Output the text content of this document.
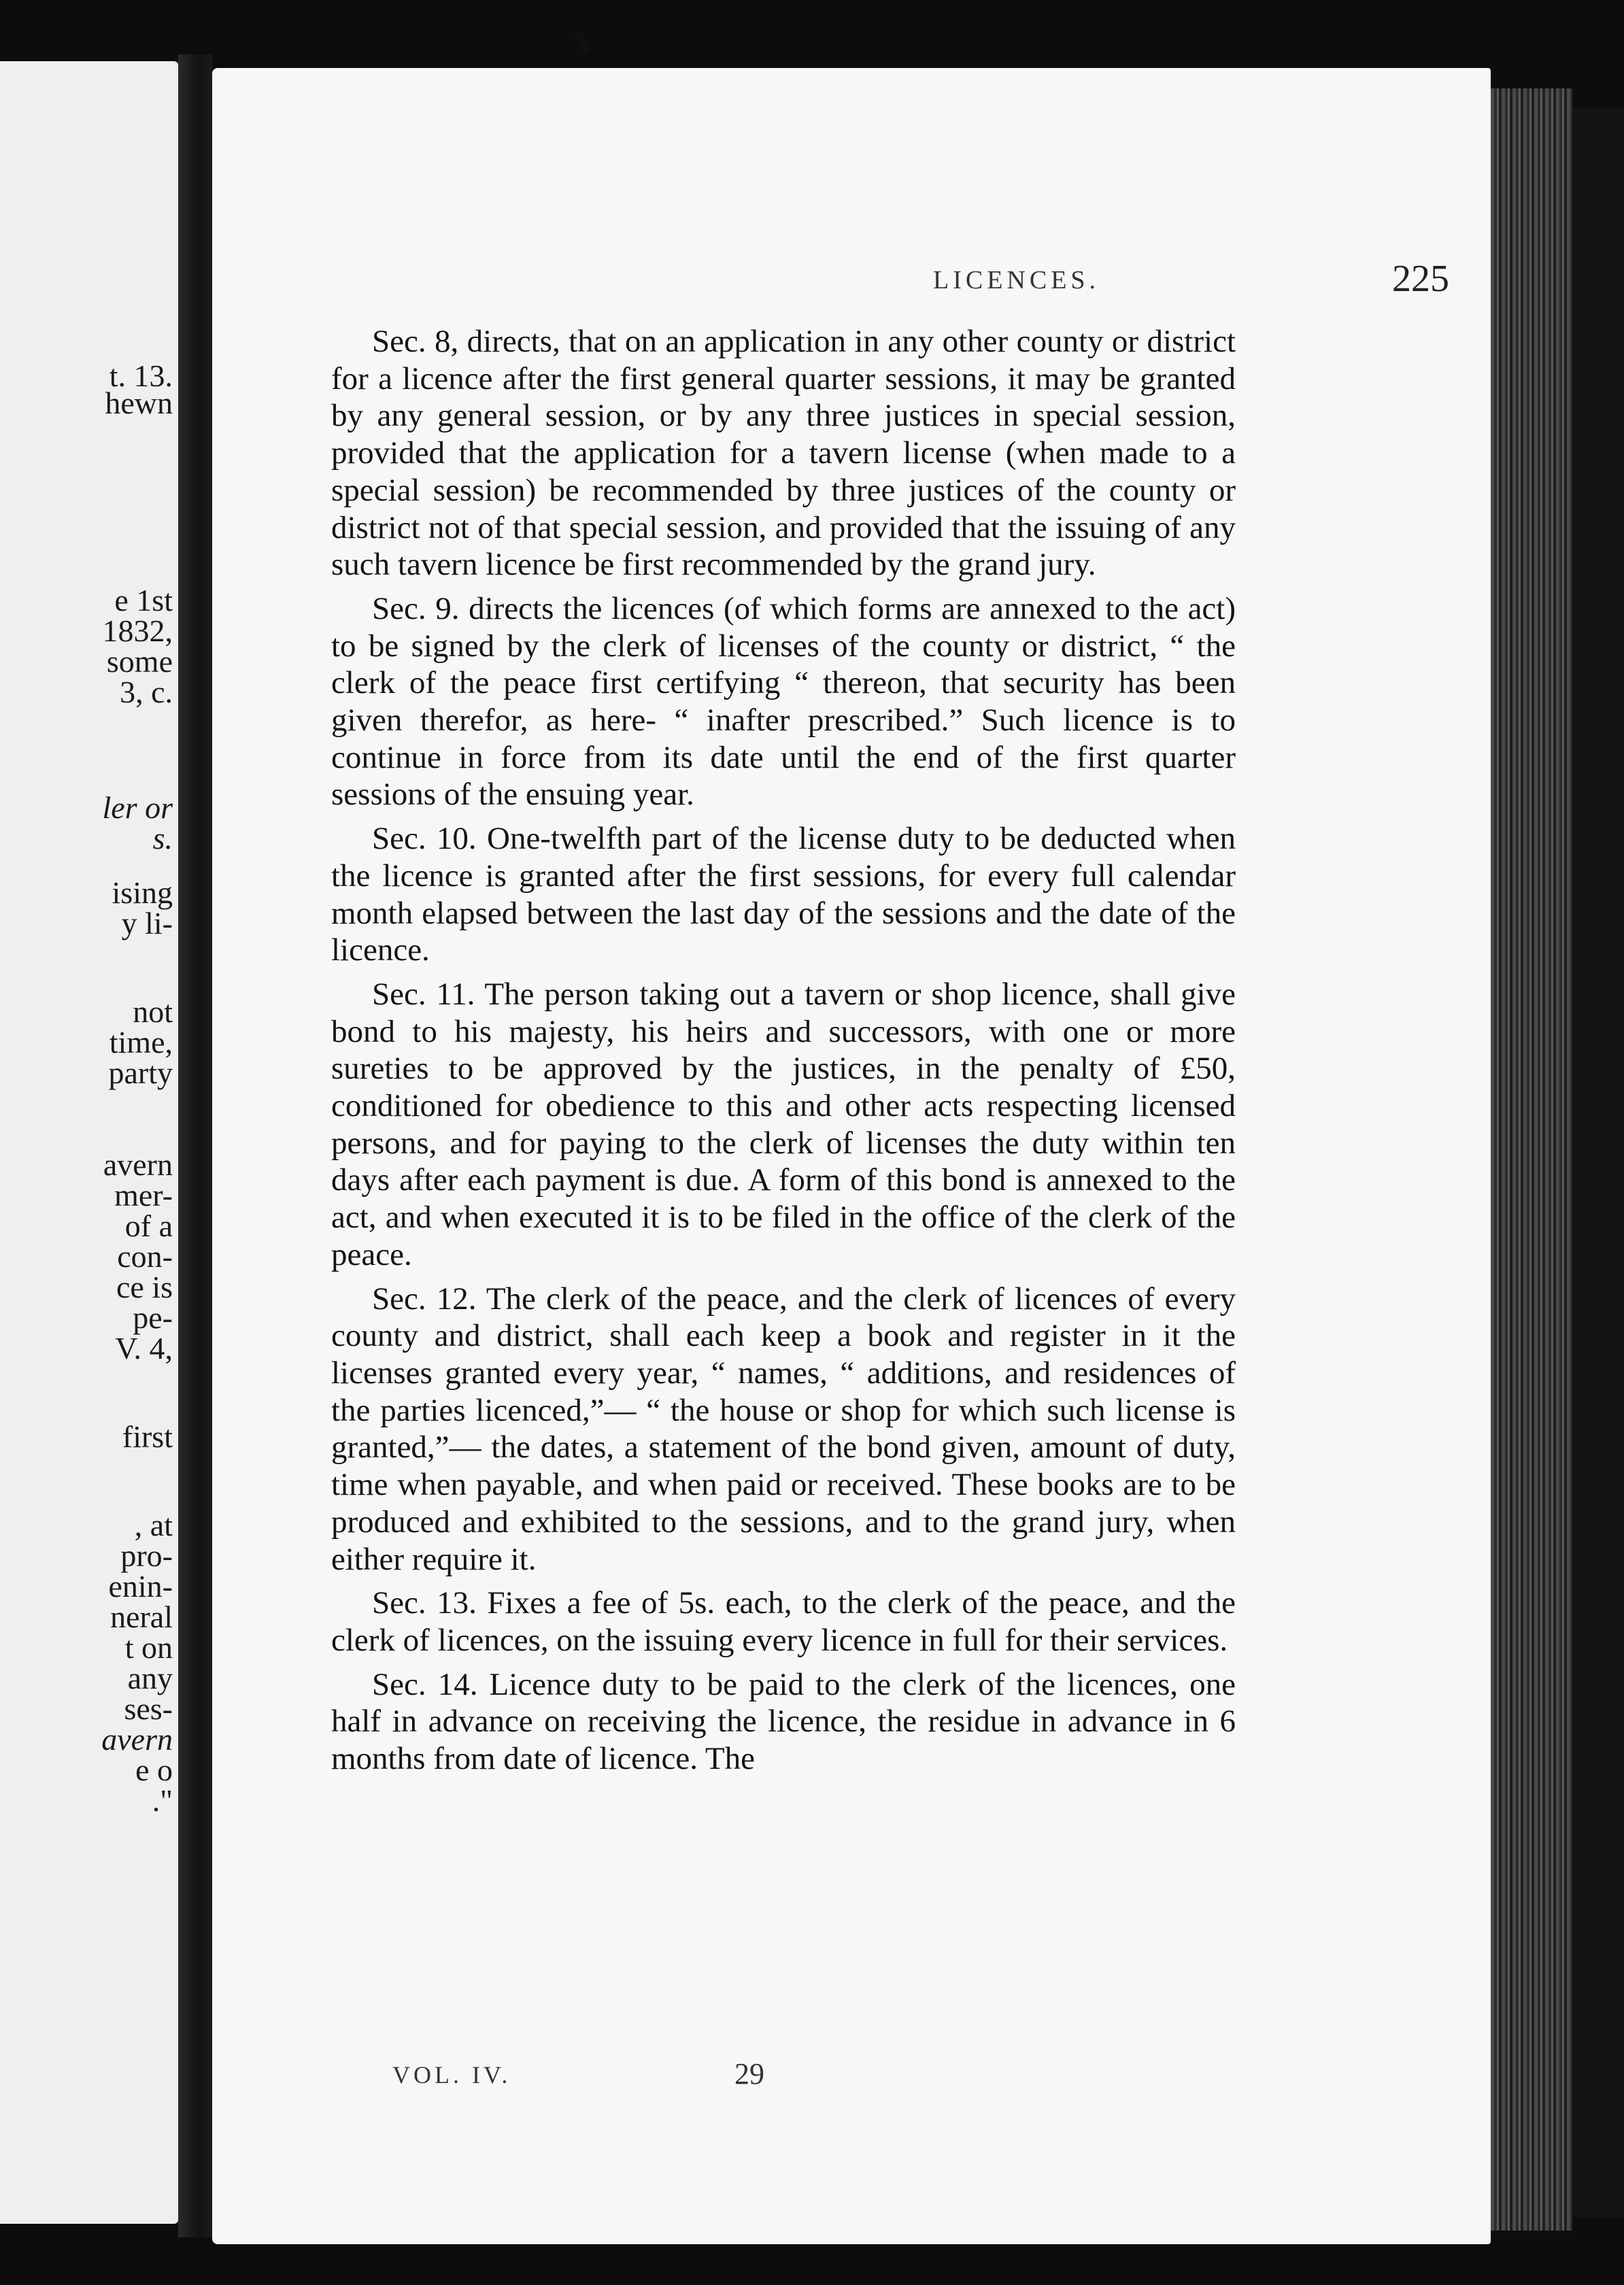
t. 13.
hewn
e 1st
1832,
some
3, c.
ler or
s.
ising
y li-
not
time,
party
avern
mer-
of a
con-
ce is
pe-
V. 4,
first
, at
pro-
enin-
neral
t on
any
ses-
avern
e o
."
LICENCES.	225

Sec. 8, directs, that on an application in any other county or district for a licence after the first general quarter sessions, it may be granted by any general session, or by any three justices in special session, provided that the application for a tavern license (when made to a special session) be recommended by three justices of the county or district not of that special session, and provided that the issuing of any such tavern licence be first recommended by the grand jury.

Sec. 9. directs the licences (of which forms are annexed to the act) to be signed by the clerk of licenses of the county or district, “ the clerk of the peace first certifying “ thereon, that security has been given therefor, as here- “ inafter prescribed.” Such licence is to continue in force from its date until the end of the first quarter sessions of the ensuing year.

Sec. 10. One-twelfth part of the license duty to be deducted when the licence is granted after the first sessions, for every full calendar month elapsed between the last day of the sessions and the date of the licence.

Sec. 11. The person taking out a tavern or shop licence, shall give bond to his majesty, his heirs and successors, with one or more sureties to be approved by the justices, in the penalty of £50, conditioned for obedience to this and other acts respecting licensed persons, and for paying to the clerk of licenses the duty within ten days after each payment is due. A form of this bond is annexed to the act, and when executed it is to be filed in the office of the clerk of the peace.

Sec. 12. The clerk of the peace, and the clerk of licences of every county and district, shall each keep a book and register in it the licenses granted every year, “ names, “ additions, and residences of the parties licenced,”— “ the house or shop for which such license is granted,”— the dates, a statement of the bond given, amount of duty, time when payable, and when paid or received. These books are to be produced and exhibited to the sessions, and to the grand jury, when either require it.

Sec. 13. Fixes a fee of 5s. each, to the clerk of the peace, and the clerk of licences, on the issuing every licence in full for their services.

Sec. 14. Licence duty to be paid to the clerk of the licences, one half in advance on receiving the licence, the residue in advance in 6 months from date of licence. The

VOL. IV.	29
